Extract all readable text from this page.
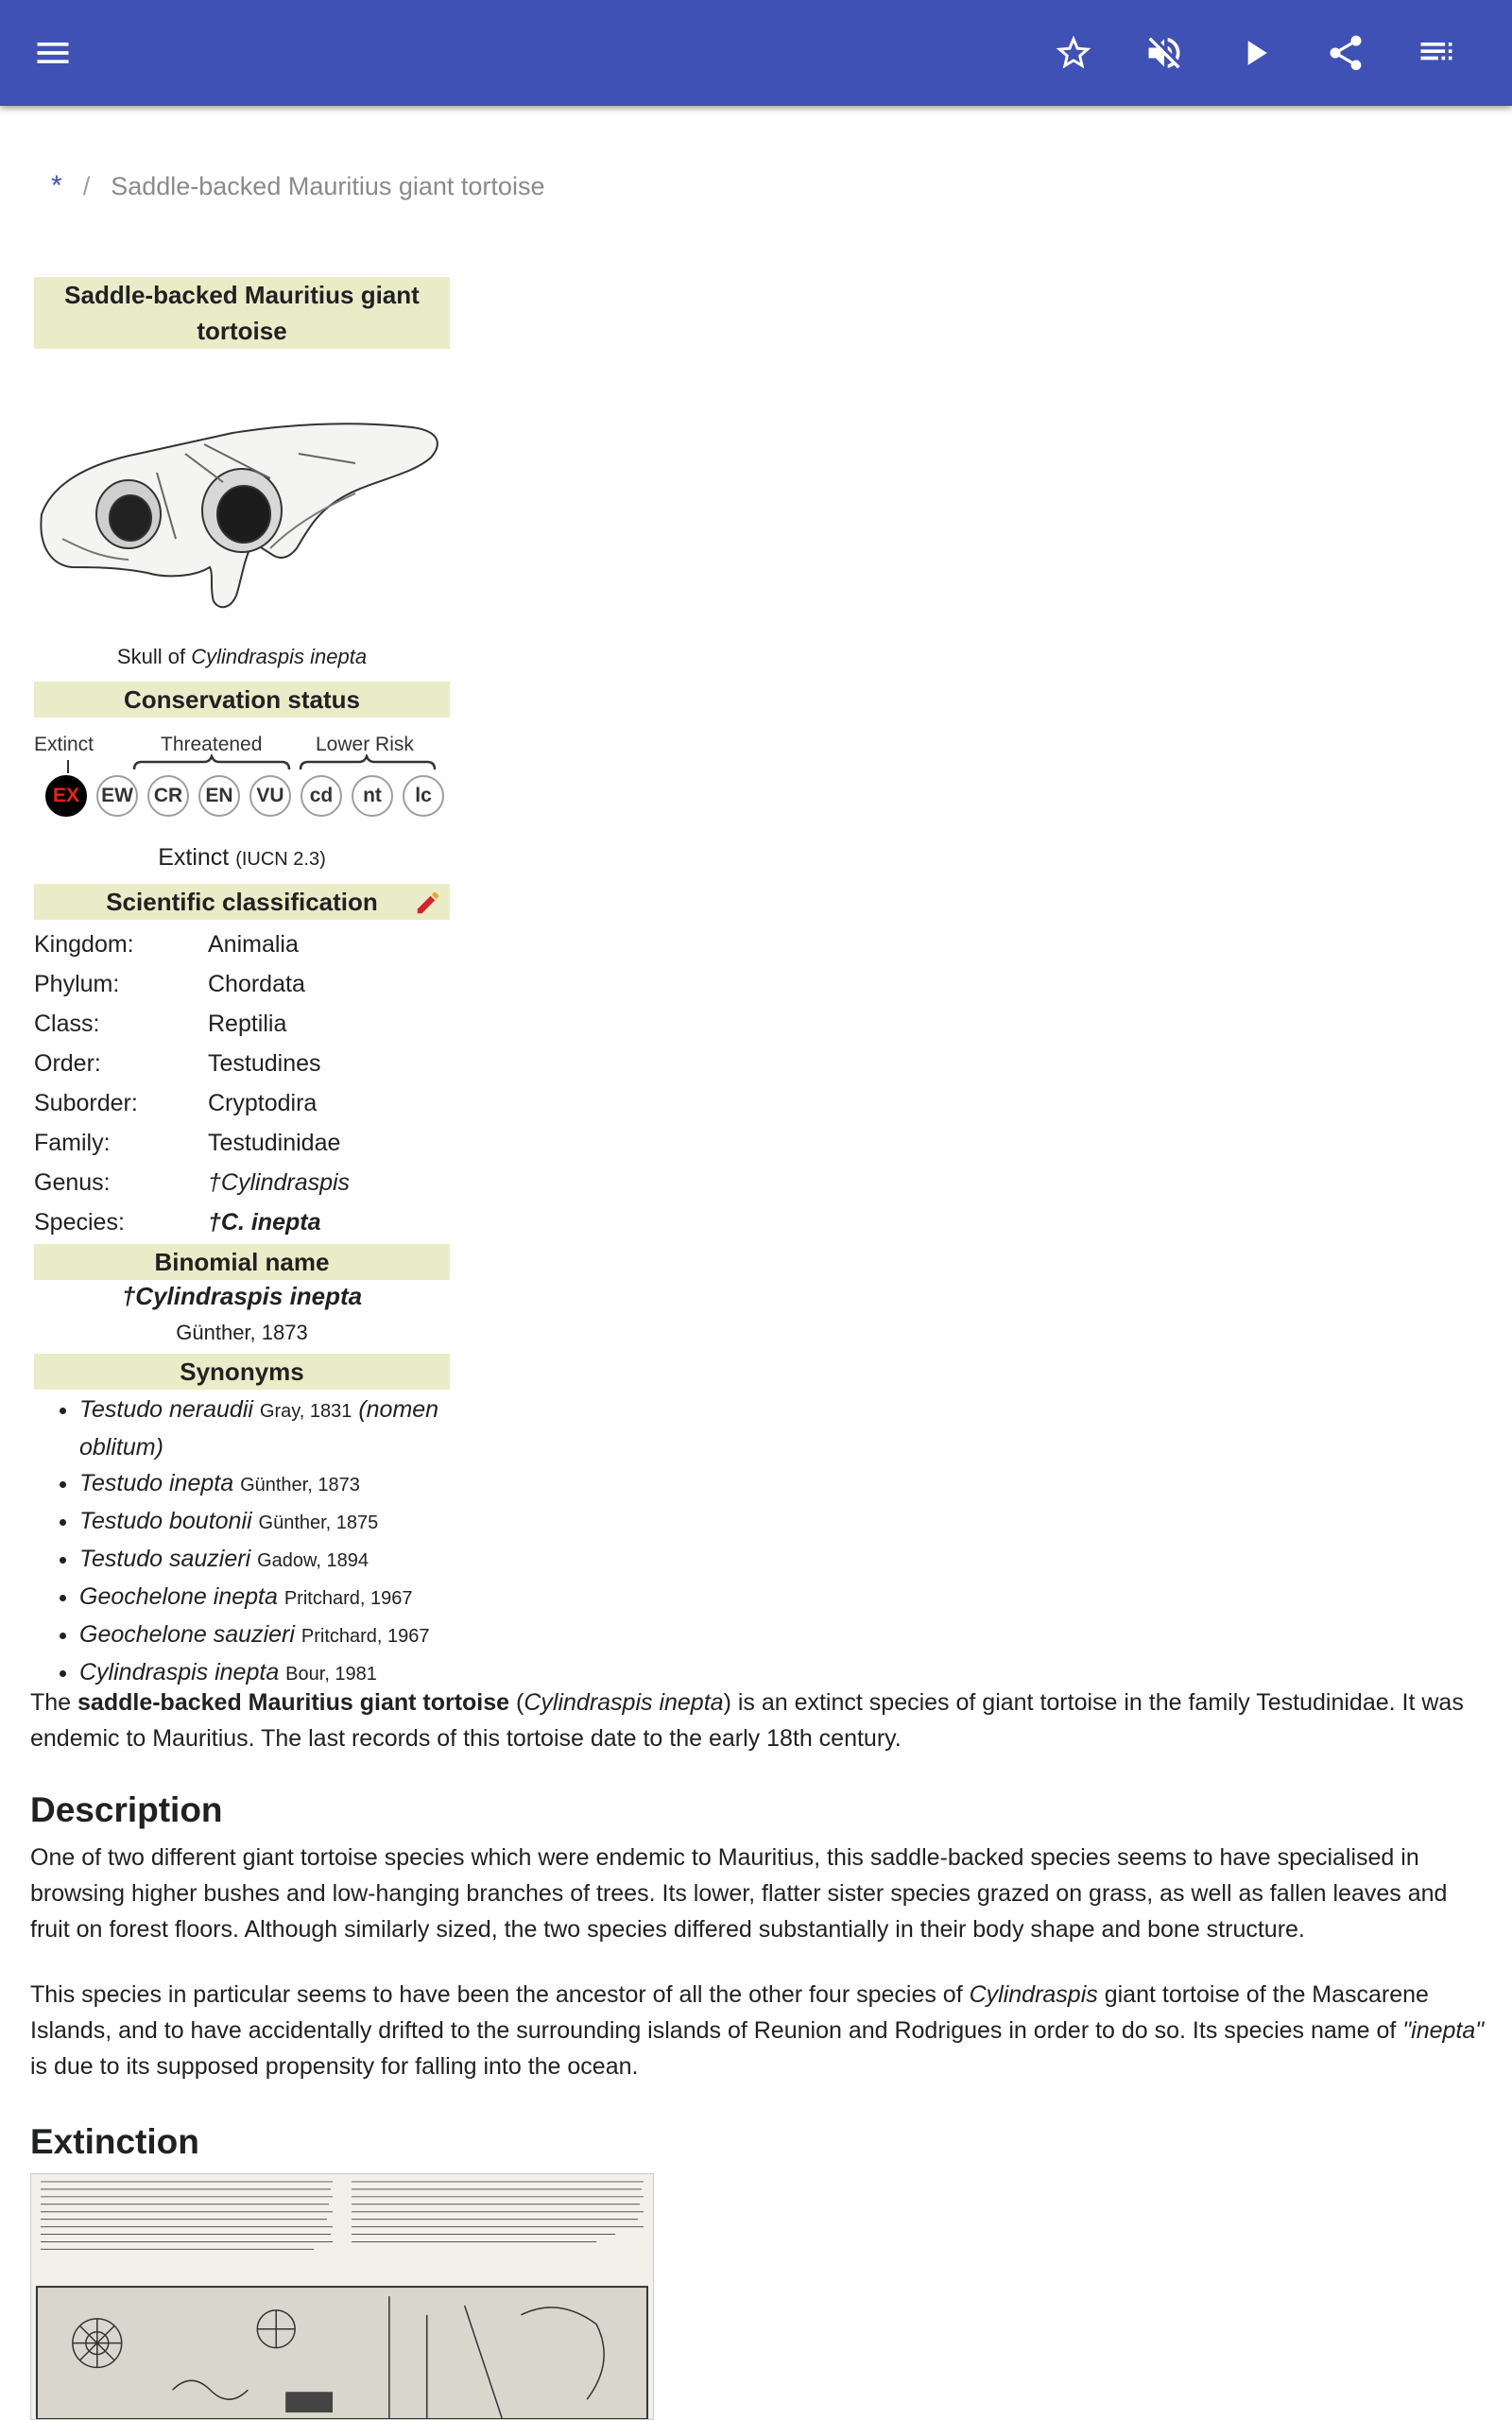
* / Saddle-backed Mauritius giant tortoise
Saddle-backed Mauritius giant tortoise
Skull of Cylindraspis inepta
Conservation status
Extinct	Threatened	Lower Risk
EX	EW	CR	EN	VU	cd	nt	lc
Extinct (IUCN 2.3)
Scientific classification
Kingdom:	Animalia
Phylum:	Chordata
Class:	Reptilia
Order:	Testudines
Suborder:	Cryptodira
Family:	Testudinidae
Genus:	†Cylindraspis
Species:	†C. inepta
Binomial name
†Cylindraspis inepta
Günther, 1873
Synonyms
• Testudo neraudii Gray, 1831 (nomen oblitum)
• Testudo inepta Günther, 1873
• Testudo boutonii Günther, 1875
• Testudo sauzieri Gadow, 1894
• Geochelone inepta Pritchard, 1967
• Geochelone sauzieri Pritchard, 1967
• Cylindraspis inepta Bour, 1981

The saddle-backed Mauritius giant tortoise (Cylindraspis inepta) is an extinct species of giant tortoise in the family Testudinidae. It was endemic to Mauritius. The last records of this tortoise date to the early 18th century.

Description

One of two different giant tortoise species which were endemic to Mauritius, this saddle-backed species seems to have specialised in browsing higher bushes and low-hanging branches of trees. Its lower, flatter sister species grazed on grass, as well as fallen leaves and fruit on forest floors. Although similarly sized, the two species differed substantially in their body shape and bone structure.

This species in particular seems to have been the ancestor of all the other four species of Cylindraspis giant tortoise of the Mascarene Islands, and to have accidentally drifted to the surrounding islands of Reunion and Rodrigues in order to do so. Its species name of "inepta" is due to its supposed propensity for falling into the ocean.

Extinction
